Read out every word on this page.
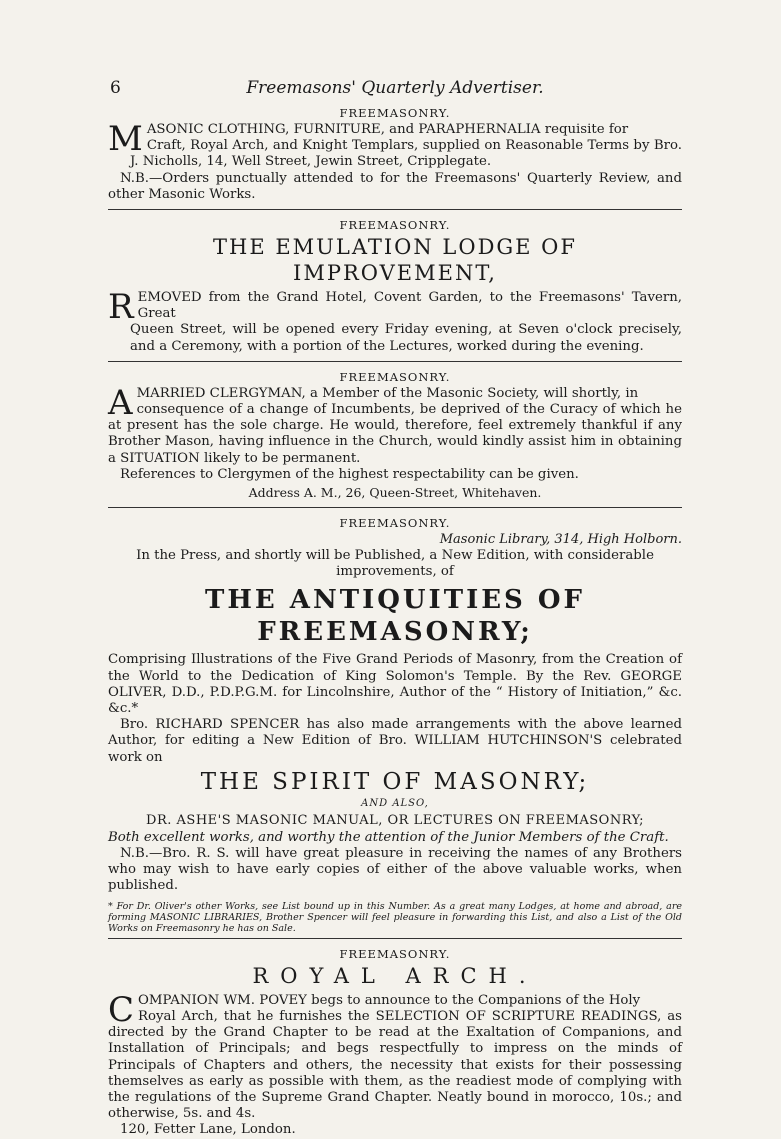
6	Freemasons' Quarterly Advertiser.
FREEMASONRY.
M ASONIC CLOTHING, FURNITURE, and PARAPHERNALIA requisite for
Craft, Royal Arch, and Knight Templars, supplied on Reasonable Terms by Bro. J. Nicholls, 14, Well Street, Jewin Street, Cripplegate.
N.B.—Orders punctually attended to for the Freemasons' Quarterly Review, and other Masonic Works.
FREEMASONRY.
THE EMULATION LODGE OF IMPROVEMENT,
R EMOVED from the Grand Hotel, Covent Garden, to the Freemasons' Tavern, Great
Queen Street, will be opened every Friday evening, at Seven o'clock precisely, and a Ceremony, with a portion of the Lectures, worked during the evening.
FREEMASONRY.
A MARRIED CLERGYMAN, a Member of the Masonic Society, will shortly, in
consequence of a change of Incumbents, be deprived of the Curacy of which he at present has the sole charge. He would, therefore, feel extremely thankful if any Brother Mason, having influence in the Church, would kindly assist him in obtaining a SITUATION likely to be permanent.
References to Clergymen of the highest respectability can be given.
Address A. M., 26, Queen-Street, Whitehaven.
FREEMASONRY.
Masonic Library, 314, High Holborn.
In the Press, and shortly will be Published, a New Edition, with considerable improvements, of
THE ANTIQUITIES OF FREEMASONRY;
Comprising Illustrations of the Five Grand Periods of Masonry, from the Creation of the World to the Dedication of King Solomon's Temple. By the Rev. GEORGE OLIVER, D.D., P.D.P.G.M. for Lincolnshire, Author of the “ History of Initiation,” &c. &c.*
Bro. RICHARD SPENCER has also made arrangements with the above learned Author, for editing a New Edition of Bro. WILLIAM HUTCHINSON'S celebrated work on
THE SPIRIT OF MASONRY;
AND ALSO,
DR. ASHE'S MASONIC MANUAL, OR LECTURES ON FREEMASONRY;
Both excellent works, and worthy the attention of the Junior Members of the Craft.
N.B.—Bro. R. S. will have great pleasure in receiving the names of any Brothers who may wish to have early copies of either of the above valuable works, when published.
* For Dr. Oliver's other Works, see List bound up in this Number. As a great many Lodges, at home and abroad, are forming MASONIC LIBRARIES, Brother Spencer will feel pleasure in forwarding this List, and also a List of the Old Works on Freemasonry he has on Sale.
FREEMASONRY.
ROYAL ARCH.
C OMPANION WM. POVEY begs to announce to the Companions of the Holy
Royal Arch, that he furnishes the SELECTION OF SCRIPTURE READINGS, as directed by the Grand Chapter to be read at the Exaltation of Companions, and Installation of Principals; and begs respectfully to impress on the minds of Principals of Chapters and others, the necessity that exists for their possessing themselves as early as possible with them, as the readiest mode of complying with the regulations of the Supreme Grand Chapter. Neatly bound in morocco, 10s.; and otherwise, 5s. and 4s.
120, Fetter Lane, London.
